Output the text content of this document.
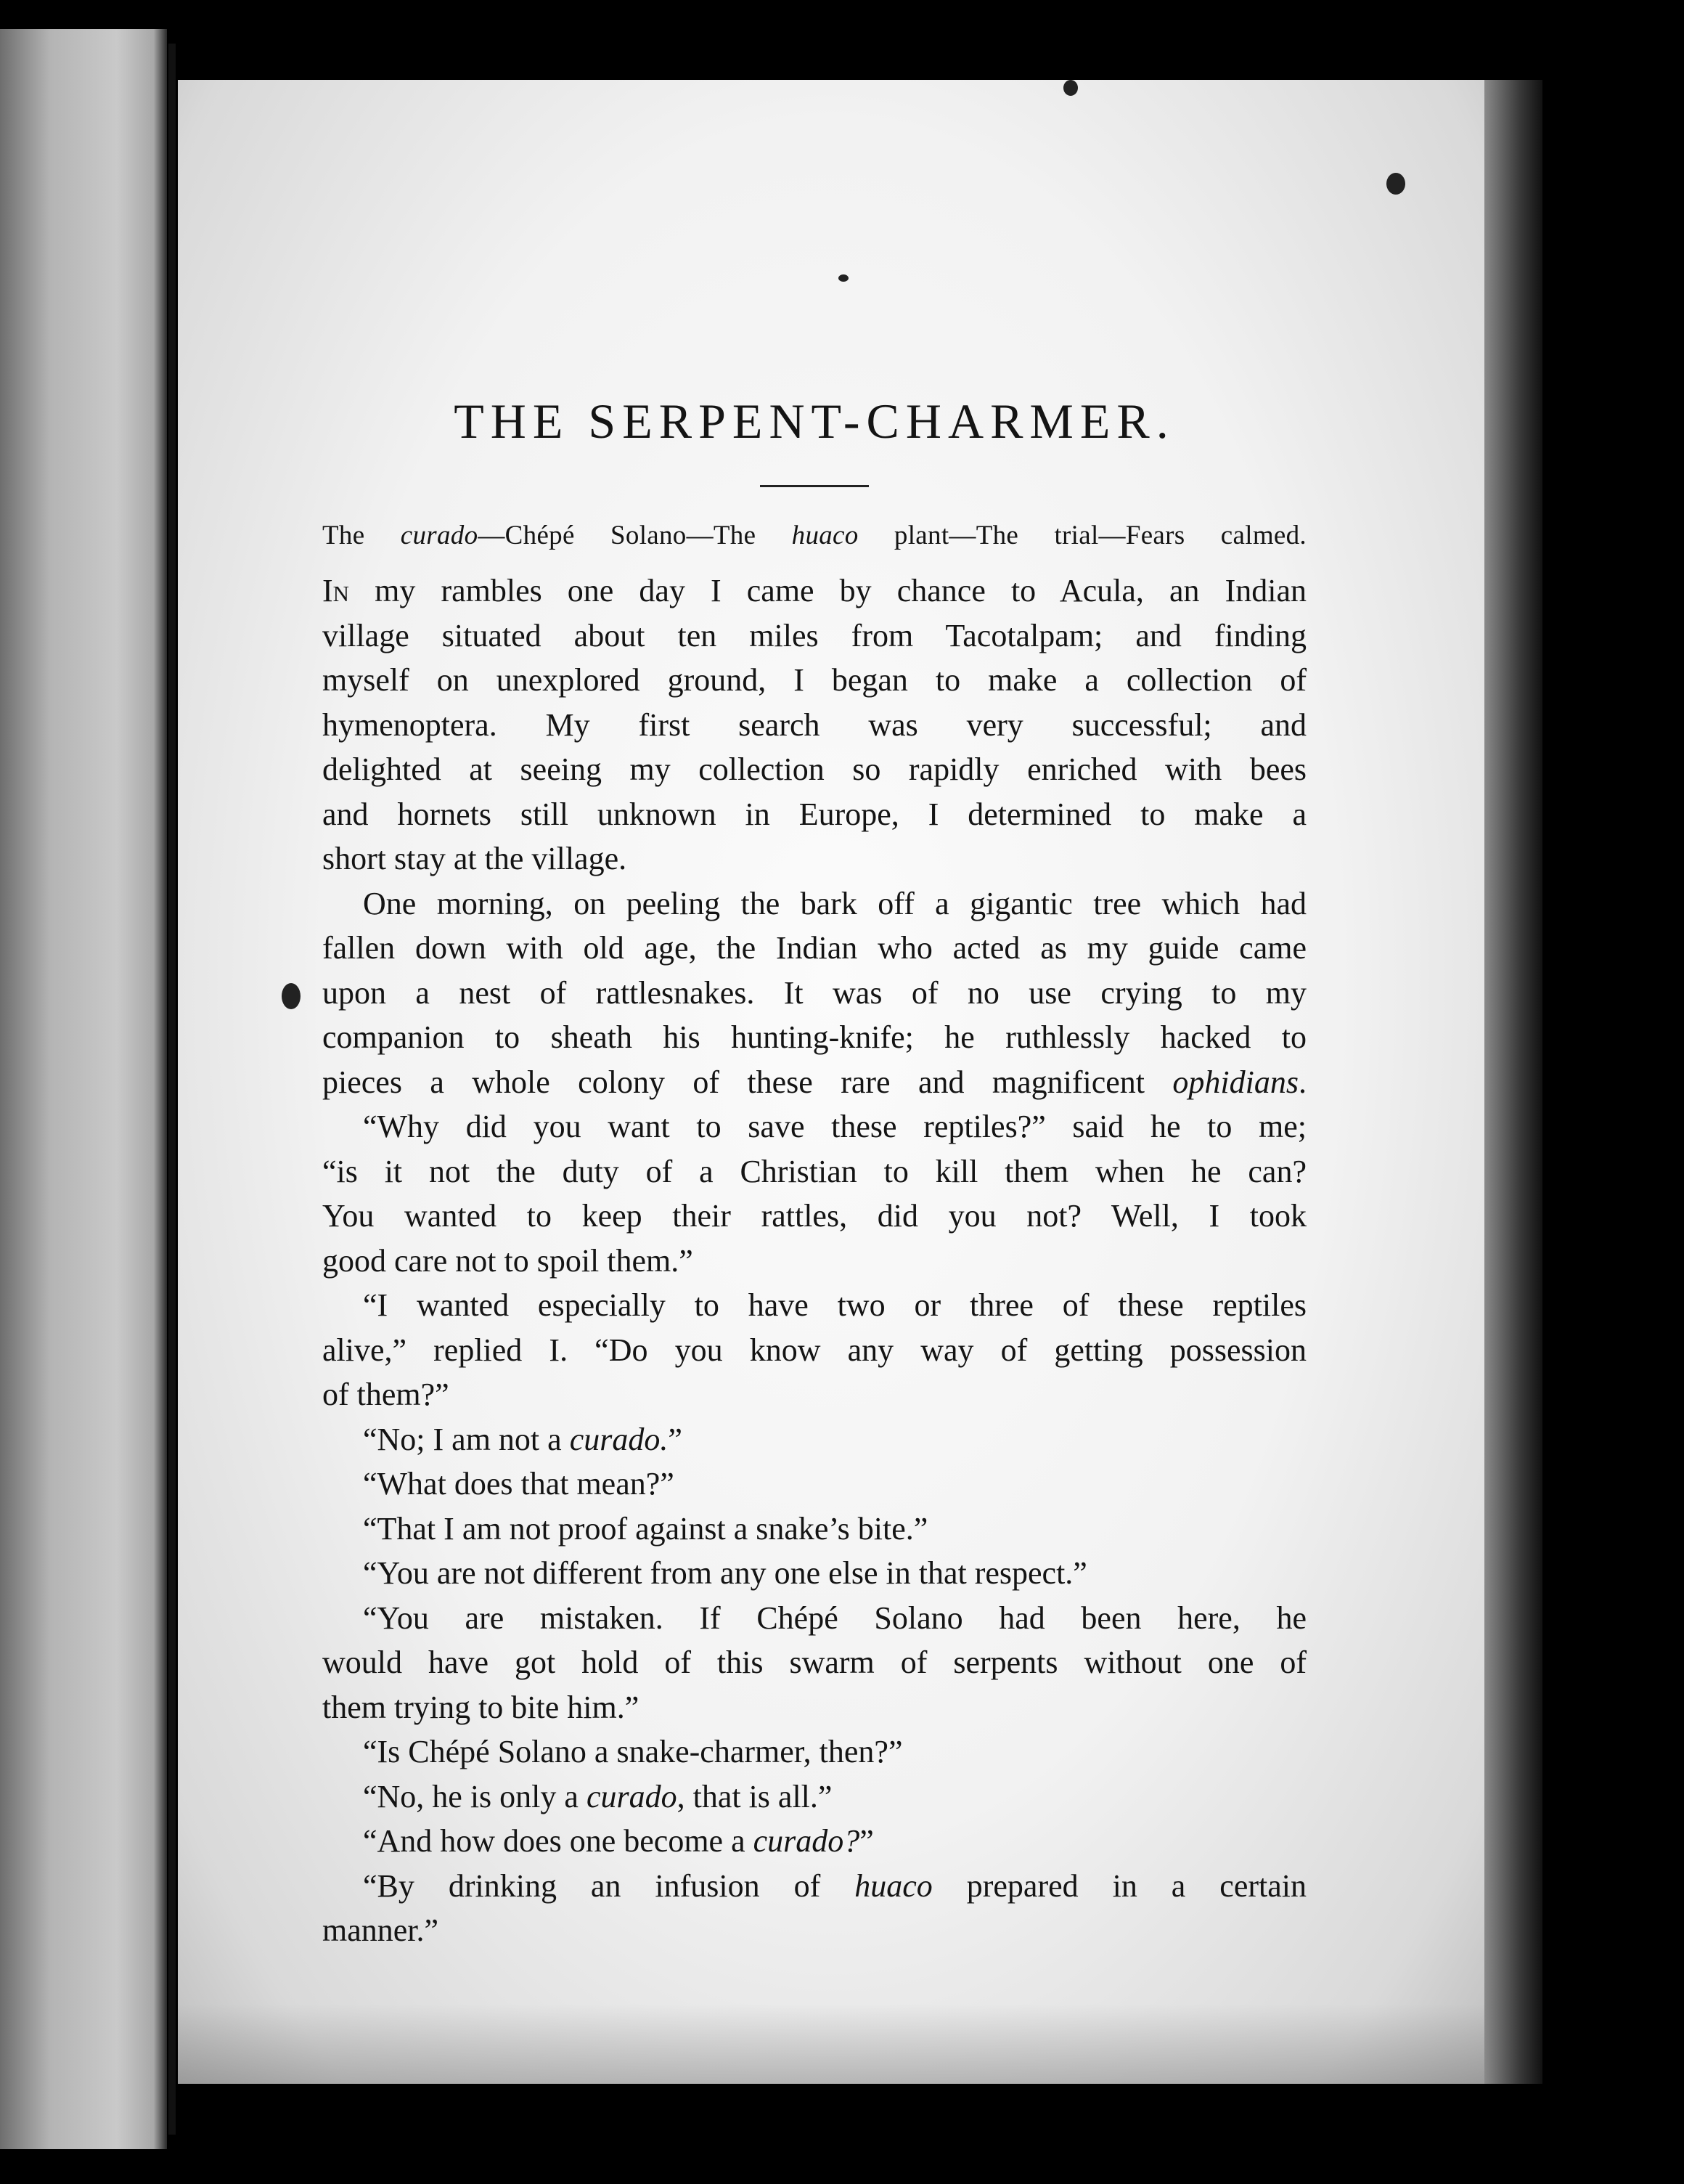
THE SERPENT-CHARMER.
The curado—Chépé Solano—The huaco plant—The trial—Fears calmed.

In my rambles one day I came by chance to Acula, an Indian
village situated about ten miles from Tacotalpam; and finding
myself on unexplored ground, I began to make a collection of
hymenoptera. My first search was very successful; and
delighted at seeing my collection so rapidly enriched with bees
and hornets still unknown in Europe, I determined to make a
short stay at the village.

One morning, on peeling the bark off a gigantic tree which had
fallen down with old age, the Indian who acted as my guide came
upon a nest of rattlesnakes. It was of no use crying to my
companion to sheath his hunting-knife; he ruthlessly hacked to
pieces a whole colony of these rare and magnificent ophidians.

“Why did you want to save these reptiles?” said he to me;
“is it not the duty of a Christian to kill them when he can?
You wanted to keep their rattles, did you not? Well, I took
good care not to spoil them.”

“I wanted especially to have two or three of these reptiles
alive,” replied I. “Do you know any way of getting possession
of them?”

“No; I am not a curado.”

“What does that mean?”

“That I am not proof against a snake’s bite.”

“You are not different from any one else in that respect.”

“You are mistaken. If Chépé Solano had been here, he
would have got hold of this swarm of serpents without one of
them trying to bite him.”

“Is Chépé Solano a snake-charmer, then?”

“No, he is only a curado, that is all.”

“And how does one become a curado?”

“By drinking an infusion of huaco prepared in a certain
manner.”
